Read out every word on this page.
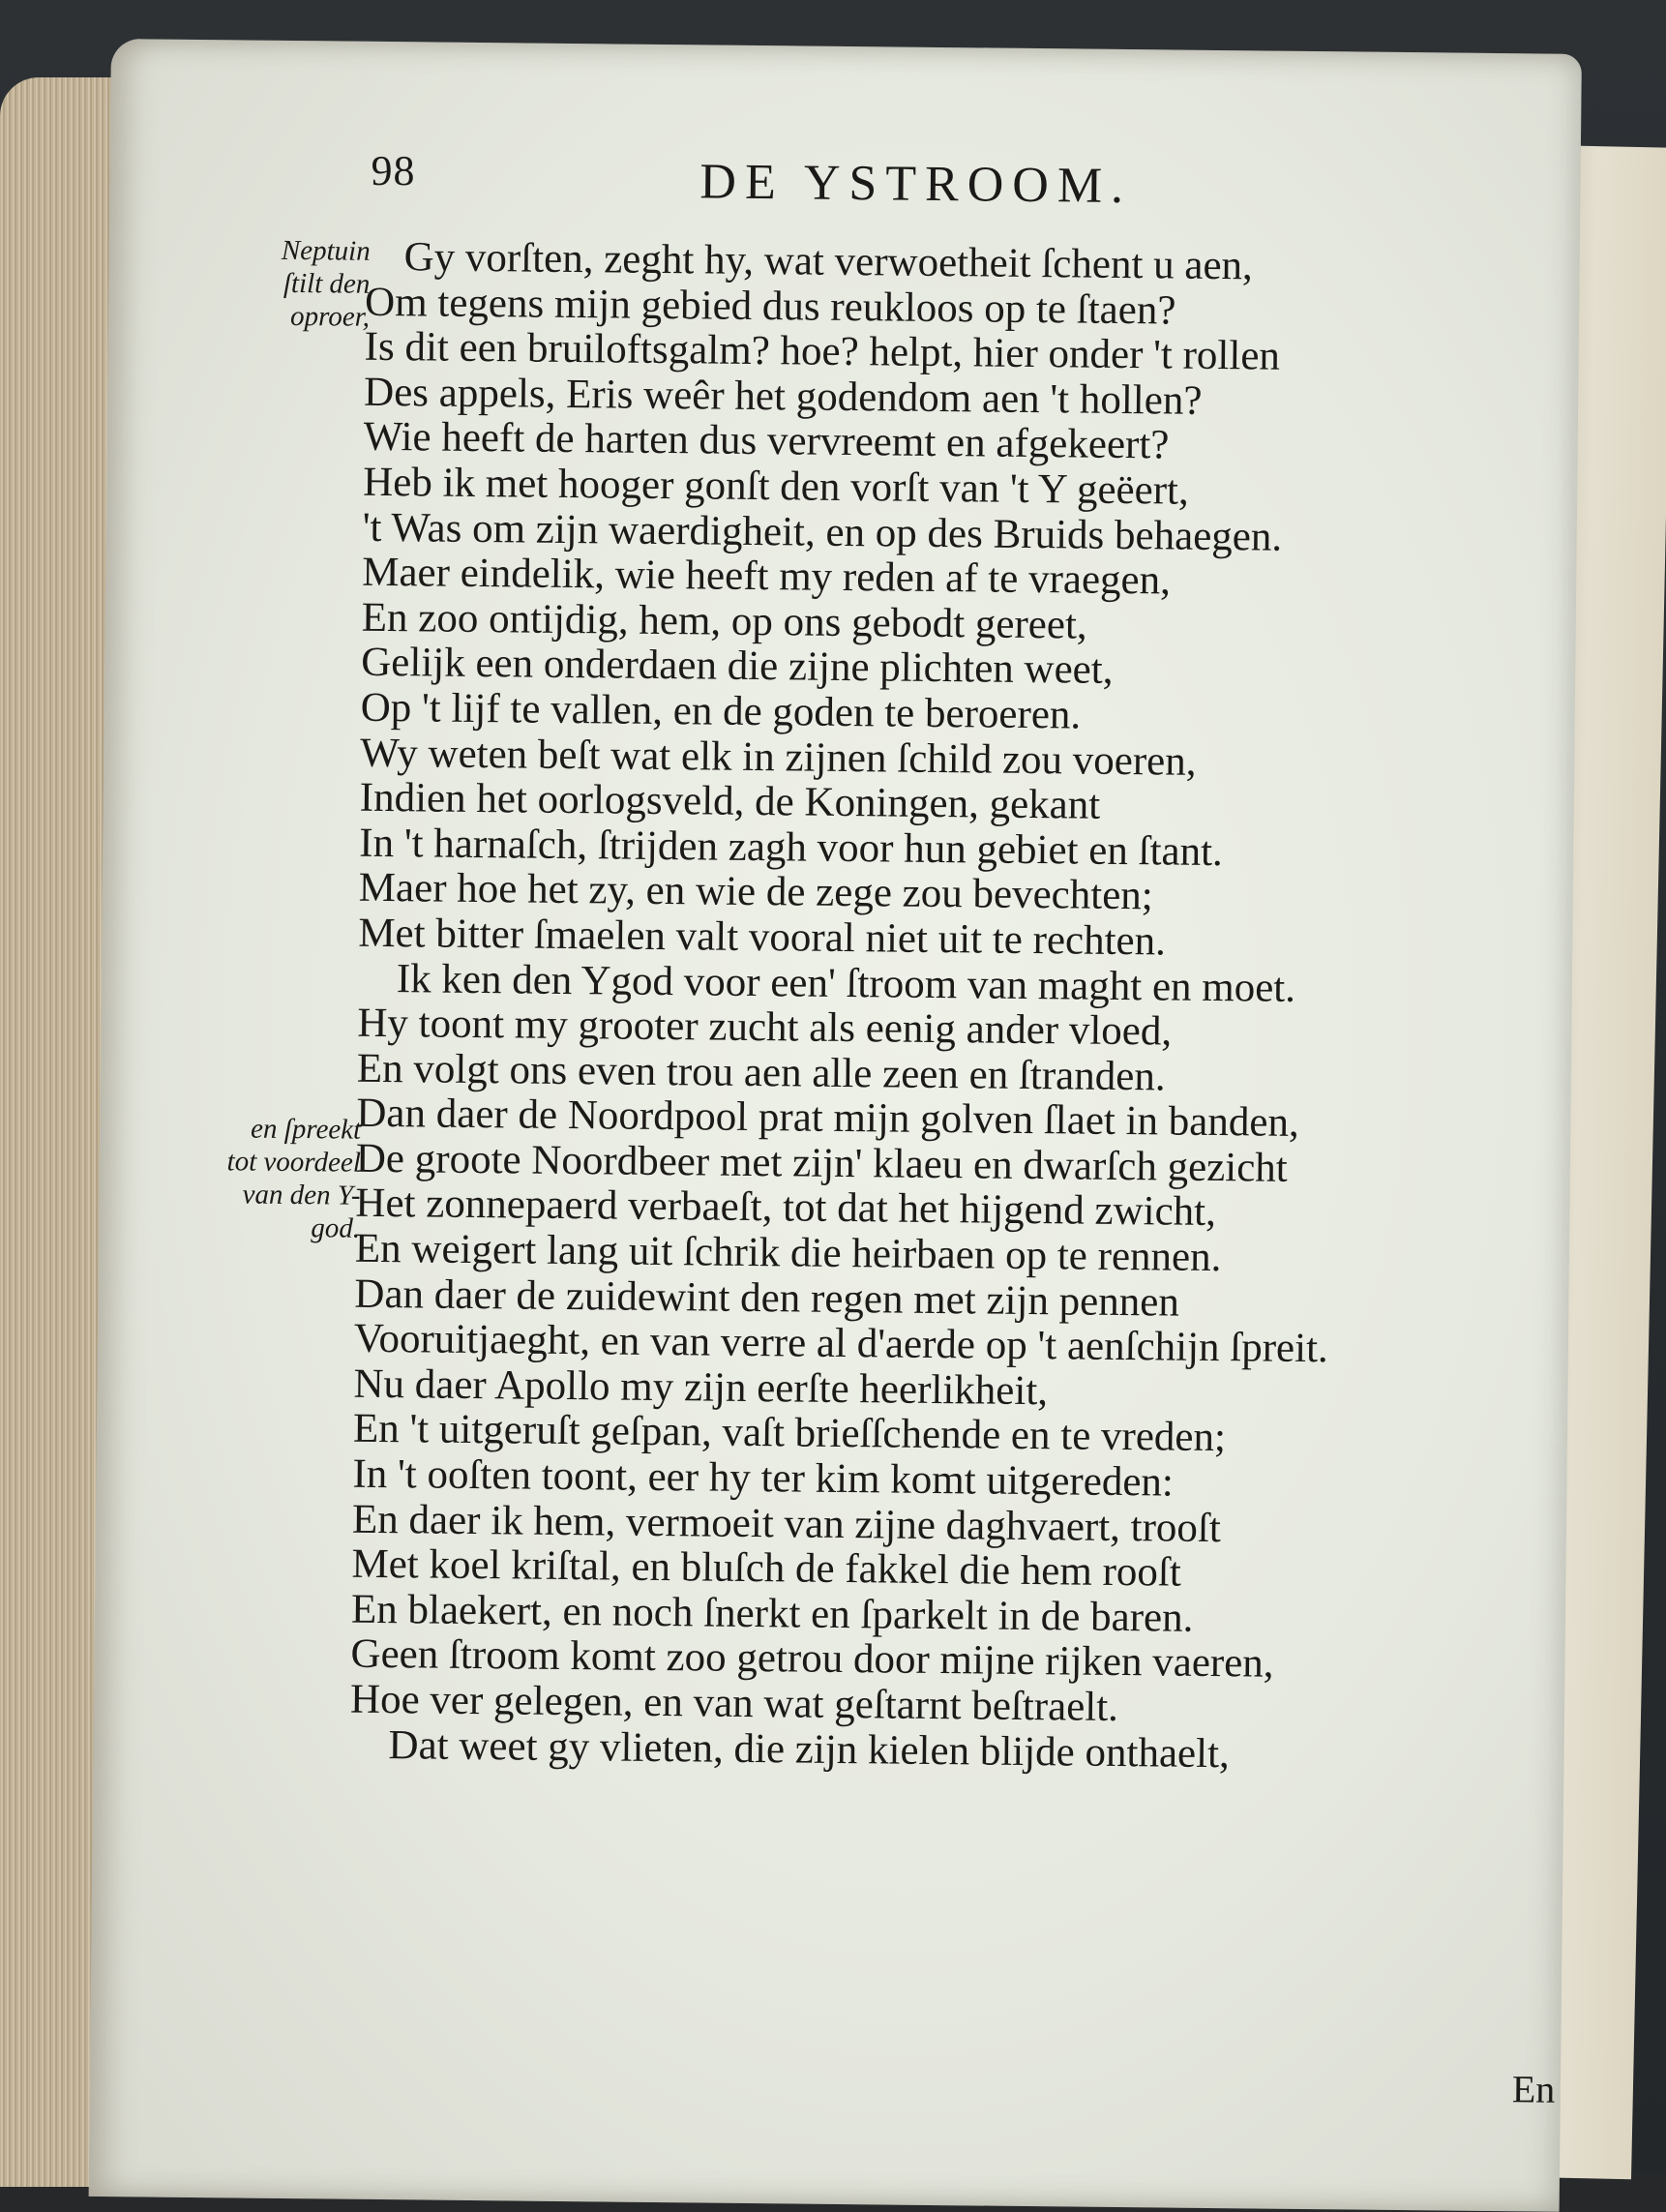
98	DE YSTROOM.
Neptuin
ſtilt den
oproer,
en ſpreekt
tot voordeel
van den Y-
god.
Gy vorſten, zeght hy, wat verwoetheit ſchent u aen,
Om tegens mijn gebied dus reukloos op te ſtaen?
Is dit een bruiloftsgalm? hoe? helpt, hier onder 't rollen
Des appels, Eris weêr het godendom aen 't hollen?
Wie heeft de harten dus vervreemt en afgekeert?
Heb ik met hooger gonſt den vorſt van 't Y geëert,
't Was om zijn waerdigheit, en op des Bruids behaegen.
Maer eindelik, wie heeft my reden af te vraegen,
En zoo ontijdig, hem, op ons gebodt gereet,
Gelijk een onderdaen die zijne plichten weet,
Op 't lijf te vallen, en de goden te beroeren.
Wy weten beſt wat elk in zijnen ſchild zou voeren,
Indien het oorlogsveld, de Koningen, gekant
In 't harnaſch, ſtrijden zagh voor hun gebiet en ſtant.
Maer hoe het zy, en wie de zege zou bevechten;
Met bitter ſmaelen valt vooral niet uit te rechten.
Ik ken den Ygod voor een' ſtroom van maght en moet.
Hy toont my grooter zucht als eenig ander vloed,
En volgt ons even trou aen alle zeen en ſtranden.
Dan daer de Noordpool prat mijn golven ſlaet in banden,
De groote Noordbeer met zijn' klaeu en dwarſch gezicht
Het zonnepaerd verbaeſt, tot dat het hijgend zwicht,
En weigert lang uit ſchrik die heirbaen op te rennen.
Dan daer de zuidewint den regen met zijn pennen
Vooruitjaeght, en van verre al d'aerde op 't aenſchijn ſpreit.
Nu daer Apollo my zijn eerſte heerlikheit,
En 't uitgeruſt geſpan, vaſt brieſſchende en te vreden;
In 't ooſten toont, eer hy ter kim komt uitgereden:
En daer ik hem, vermoeit van zijne daghvaert, trooſt
Met koel kriſtal, en bluſch de fakkel die hem rooſt
En blaekert, en noch ſnerkt en ſparkelt in de baren.
Geen ſtroom komt zoo getrou door mijne rijken vaeren,
Hoe ver gelegen, en van wat geſtarnt beſtraelt.
Dat weet gy vlieten, die zijn kielen blijde onthaelt,
En
